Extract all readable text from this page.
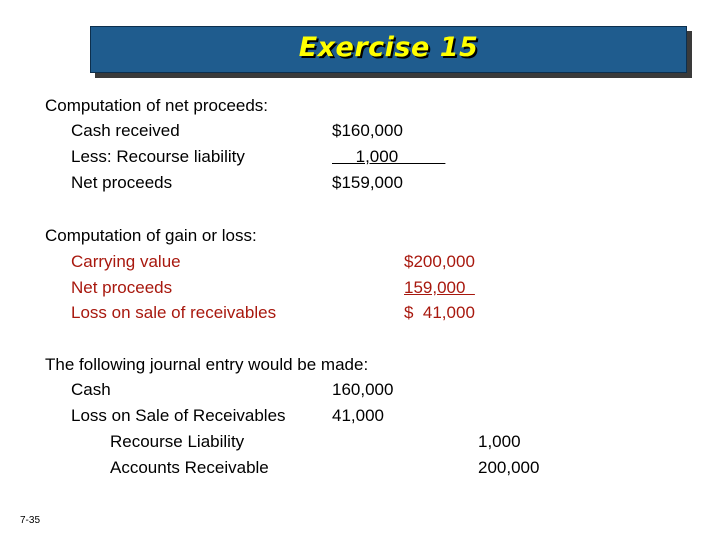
Exercise 15
Computation of net proceeds:
Cash received	$160,000
Less: Recourse liability	1,000
Net proceeds	$159,000
Computation of gain or loss:
Carrying value	$200,000
Net proceeds	159,000
Loss on sale of receivables	$  41,000
The following journal entry would be made:
Cash	160,000
Loss on Sale of Receivables	41,000
Recourse Liability	1,000
Accounts Receivable	200,000
7-35
